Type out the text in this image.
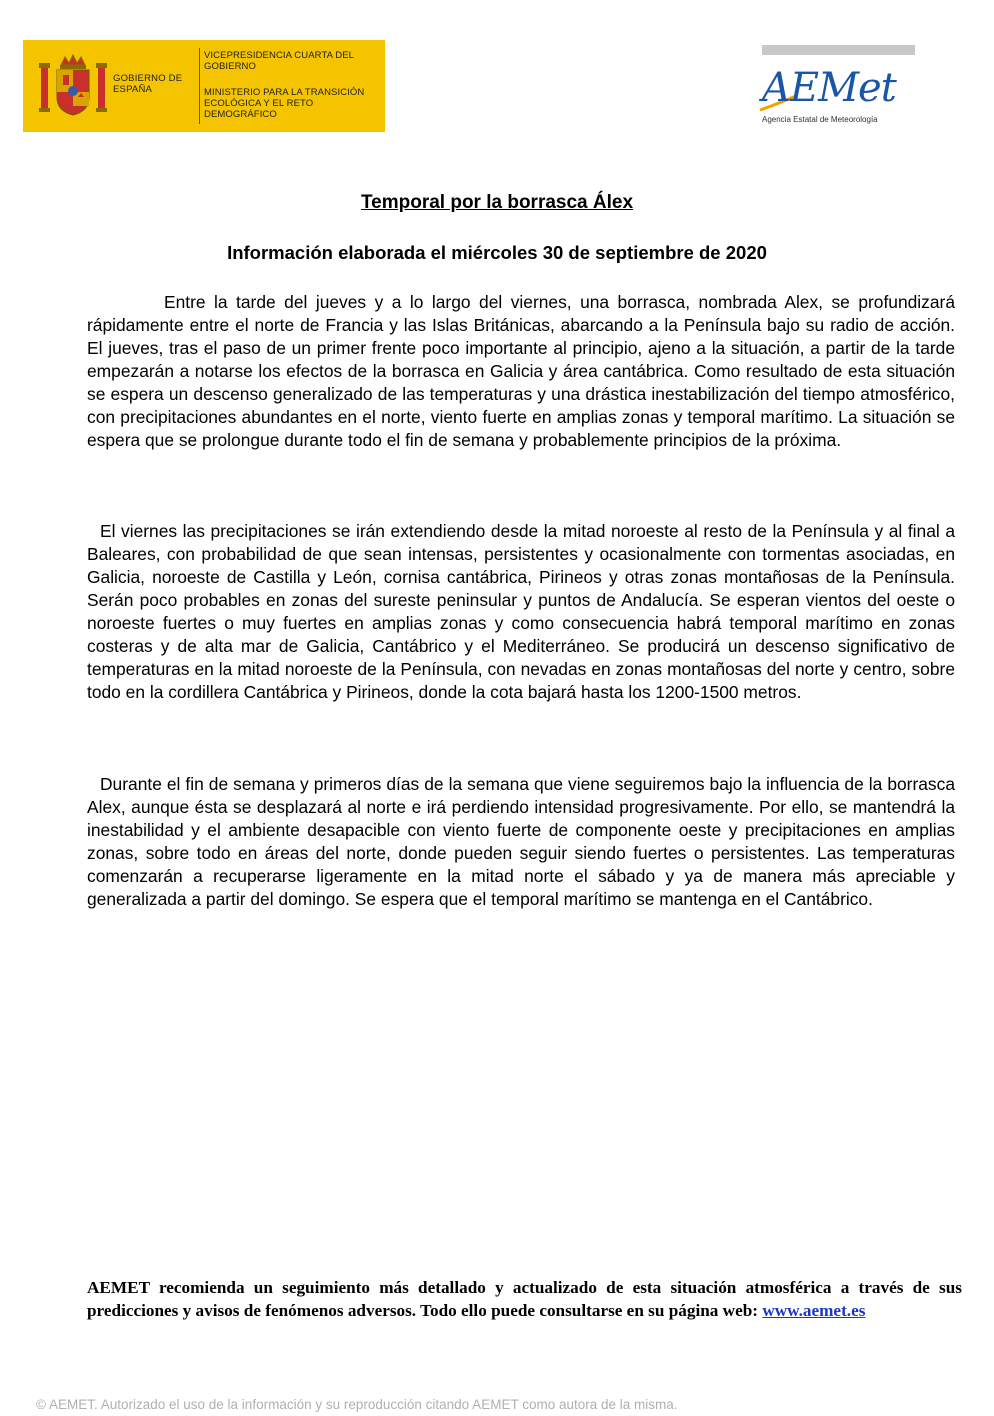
GOBIERNO DE ESPAÑA
VICEPRESIDENCIA CUARTA DEL GOBIERNO
MINISTERIO PARA LA TRANSICIÓN ECOLÓGICA Y EL RETO DEMOGRÁFICO
AEMet
Agencia Estatal de Meteorología
Temporal por la borrasca Álex
Información elaborada el miércoles 30 de septiembre de 2020

Entre la tarde del jueves y a lo largo del viernes, una borrasca, nombrada Alex, se profundizará rápidamente entre el norte de Francia y las Islas Británicas, abarcando a la Península bajo su radio de acción. El jueves, tras el paso de un primer frente poco importante al principio, ajeno a la situación, a partir de la tarde empezarán a notarse los efectos de la borrasca en Galicia y área cantábrica. Como resultado de esta situación se espera un descenso generalizado de las temperaturas y una drástica inestabilización del tiempo atmosférico, con precipitaciones abundantes en el norte, viento fuerte en amplias zonas y temporal marítimo. La situación se espera que se prolongue durante todo el fin de semana y probablemente principios de la próxima.

El viernes las precipitaciones se irán extendiendo desde la mitad noroeste al resto de la Península y al final a Baleares, con probabilidad de que sean intensas, persistentes y ocasionalmente con tormentas asociadas, en Galicia, noroeste de Castilla y León, cornisa cantábrica, Pirineos y otras zonas montañosas de la Península. Serán poco probables en zonas del sureste peninsular y puntos de Andalucía. Se esperan vientos del oeste o noroeste fuertes o muy fuertes en amplias zonas y como consecuencia habrá temporal marítimo en zonas costeras y de alta mar de Galicia, Cantábrico y el Mediterráneo. Se producirá un descenso significativo de temperaturas en la mitad noroeste de la Península, con nevadas en zonas montañosas del norte y centro, sobre todo en la cordillera Cantábrica y Pirineos, donde la cota bajará hasta los 1200-1500 metros.

Durante el fin de semana y primeros días de la semana que viene seguiremos bajo la influencia de la borrasca Alex, aunque ésta se desplazará al norte e irá perdiendo intensidad progresivamente. Por ello, se mantendrá la inestabilidad y el ambiente desapacible con viento fuerte de componente oeste y precipitaciones en amplias zonas, sobre todo en áreas del norte, donde pueden seguir siendo fuertes o persistentes. Las temperaturas comenzarán a recuperarse ligeramente en la mitad norte el sábado y ya de manera más apreciable y generalizada a partir del domingo. Se espera que el temporal marítimo se mantenga en el Cantábrico.

AEMET recomienda un seguimiento más detallado y actualizado de esta situación atmosférica a través de sus predicciones y avisos de fenómenos adversos. Todo ello puede consultarse en su página web: www.aemet.es

© AEMET. Autorizado el uso de la información y su reproducción citando AEMET como autora de la misma.
